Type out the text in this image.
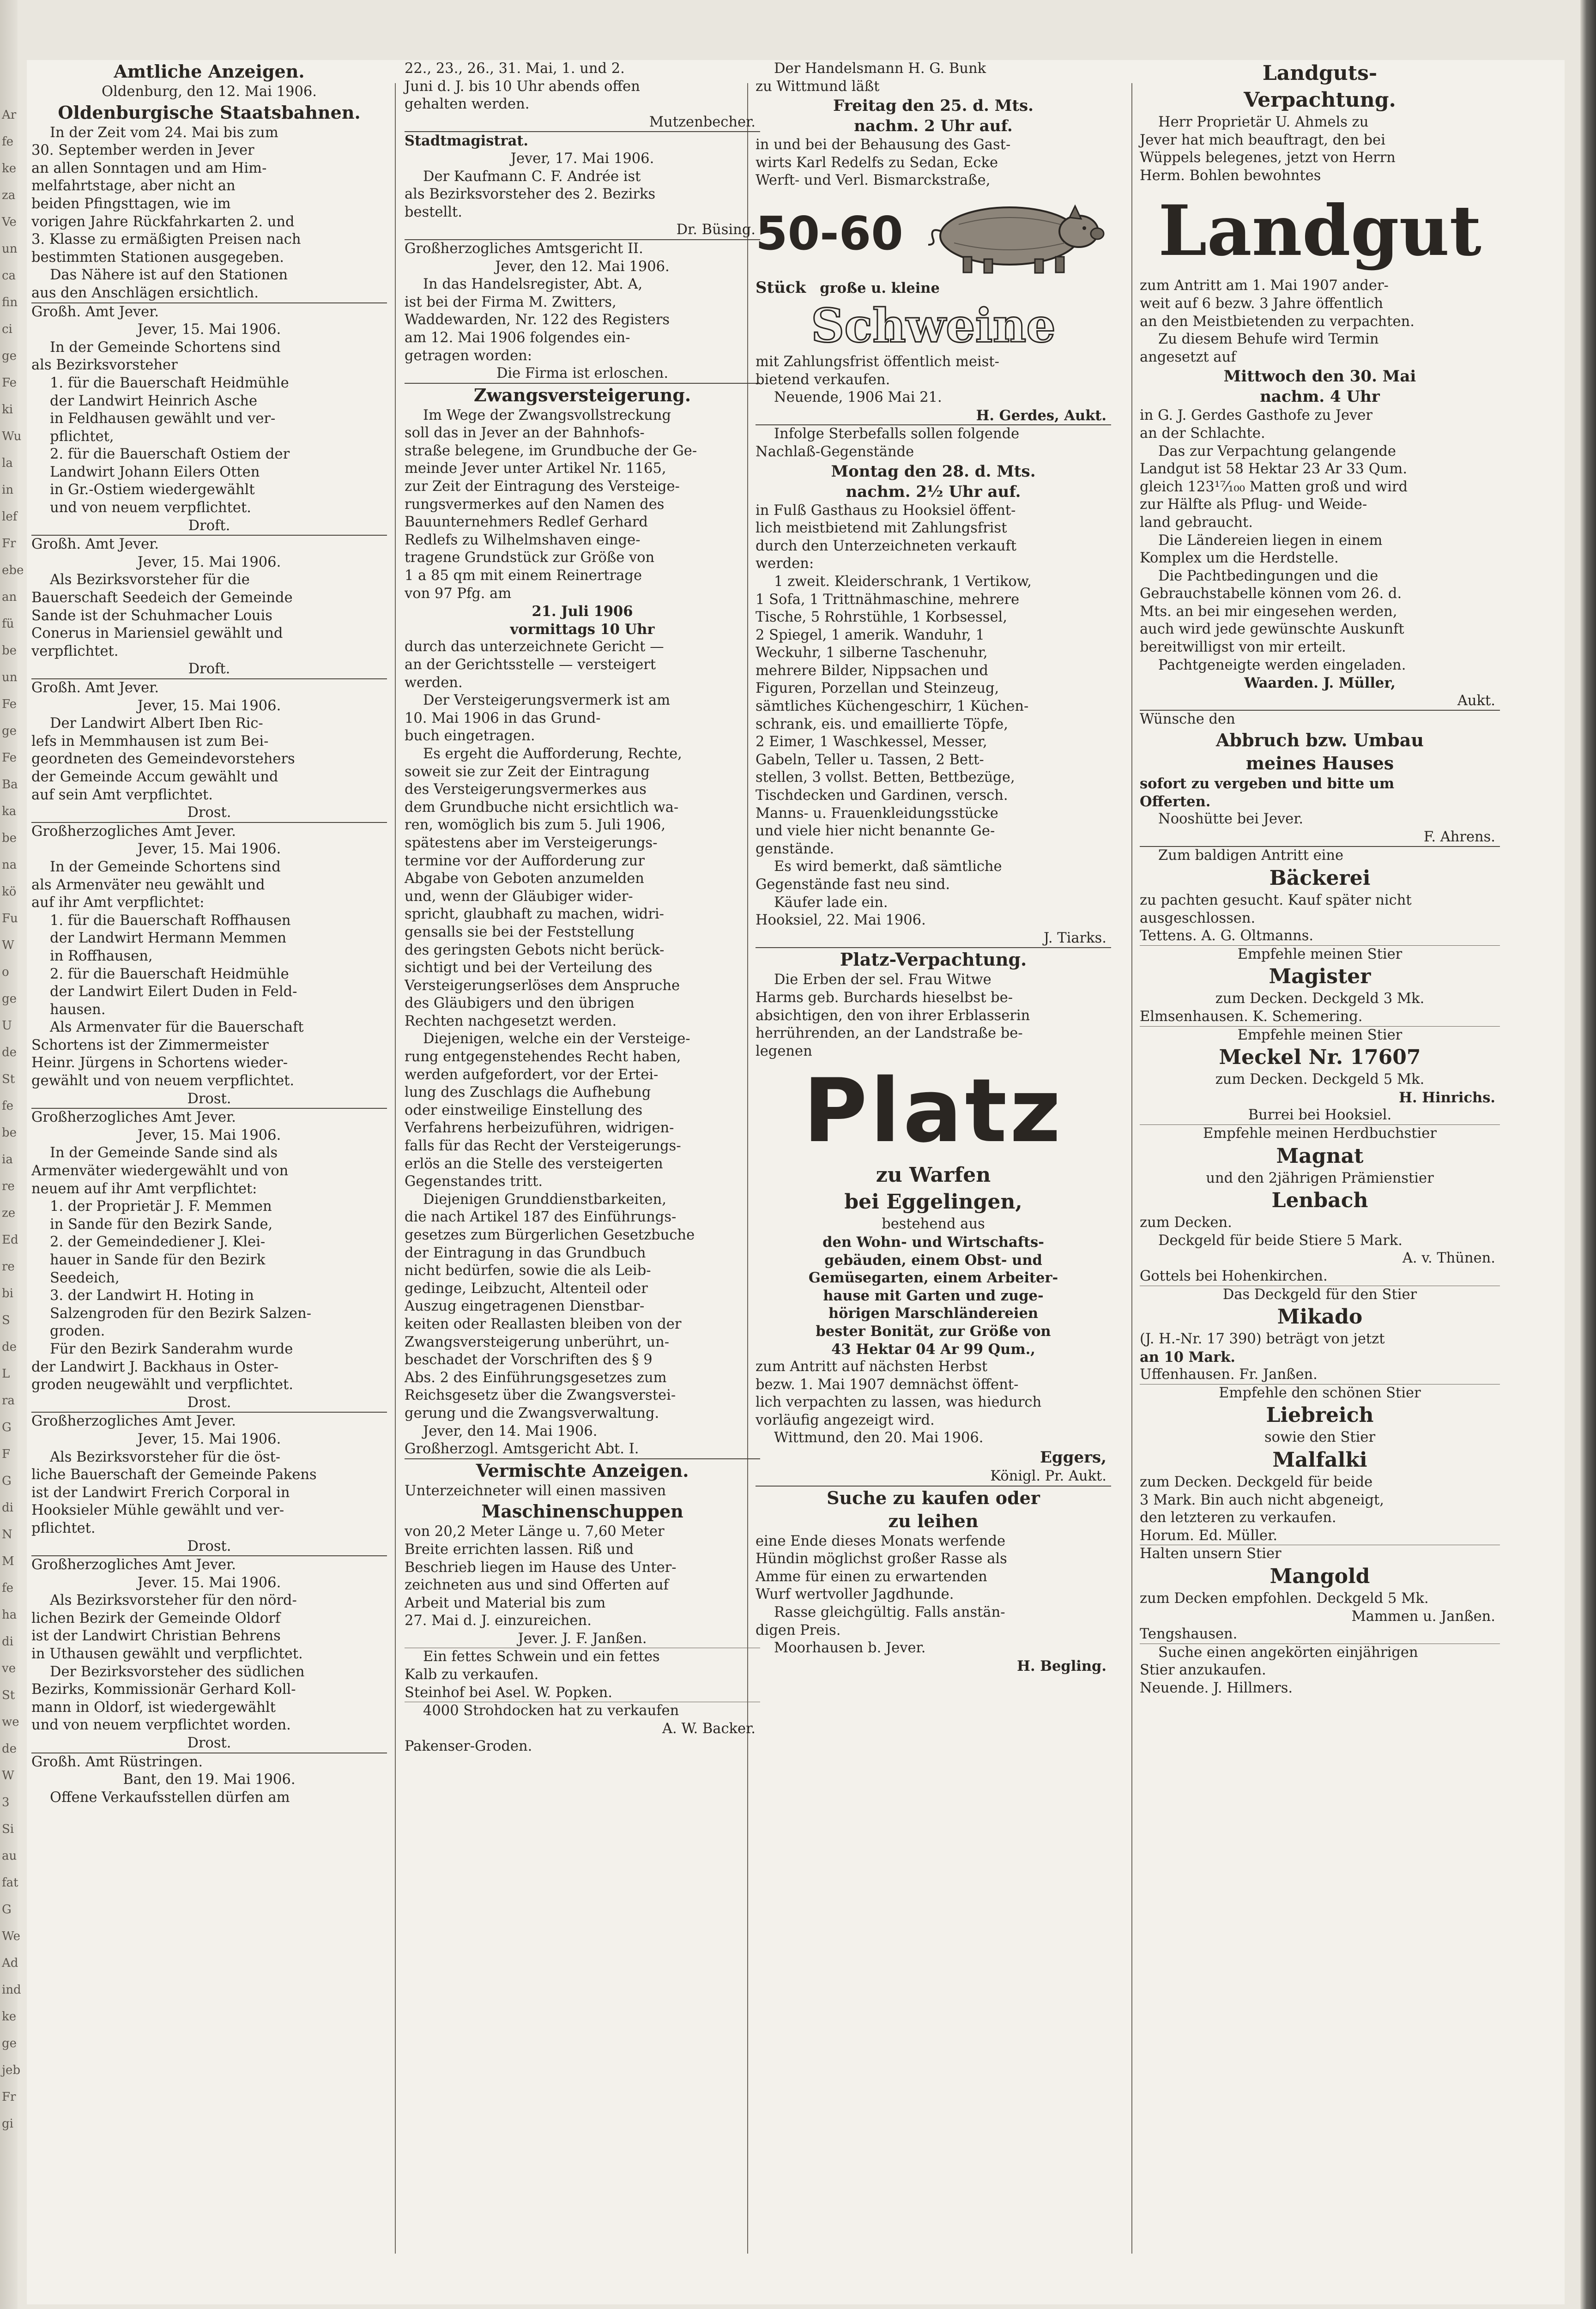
Ar
fe
ke
za
Ve
un
ca
fin
ci
ge
Fe
ki
Wu
la
in
lef
Fr
ebe
an
fü
be
un
Fe
ge
Fe
Ba
ka
be
na
kö
Fu
W
o
ge
U
de
St
fe
be
ia
re
ze
Ed
re
bi
S
de
L
ra
G
F
G
di
N
M
fe
ha
di
ve
St
we
de
W
3
Si
au
fat
G
We
Ad
ind
ke
ge
jeb
Fr
gi

Amtliche Anzeigen.

Oldenburg, den 12. Mai 1906.

Oldenburgische Staatsbahnen.

In der Zeit vom 24. Mai bis zum

30. September werden in Jever

an allen Sonntagen und am Him-

melfahrtstage, aber nicht an

beiden Pfingsttagen, wie im

vorigen Jahre Rückfahrkarten 2. und

3. Klasse zu ermäßigten Preisen nach

bestimmten Stationen ausgegeben.

Das Nähere ist auf den Stationen

aus den Anschlägen ersichtlich.

Großh. Amt Jever.

Jever, 15. Mai 1906.

In der Gemeinde Schortens sind

als Bezirksvorsteher

1. für die Bauerschaft Heidmühle

der Landwirt Heinrich Asche

in Feldhausen gewählt und ver-

pflichtet,

2. für die Bauerschaft Ostiem der

Landwirt Johann Eilers Otten

in Gr.-Ostiem wiedergewählt

und von neuem verpflichtet.

Droft.

Großh. Amt Jever.

Jever, 15. Mai 1906.

Als Bezirksvorsteher für die

Bauerschaft Seedeich der Gemeinde

Sande ist der Schuhmacher Louis

Conerus in Mariensiel gewählt und

verpflichtet.

Droft.

Großh. Amt Jever.

Jever, 15. Mai 1906.

Der Landwirt Albert Iben Ric-

lefs in Memmhausen ist zum Bei-

geordneten des Gemeindevorstehers

der Gemeinde Accum gewählt und

auf sein Amt verpflichtet.

Drost.

Großherzogliches Amt Jever.

Jever, 15. Mai 1906.

In der Gemeinde Schortens sind

als Armenväter neu gewählt und

auf ihr Amt verpflichtet:

1. für die Bauerschaft Roffhausen

der Landwirt Hermann Memmen

in Roffhausen,

2. für die Bauerschaft Heidmühle

der Landwirt Eilert Duden in Feld-

hausen.

Als Armenvater für die Bauerschaft

Schortens ist der Zimmermeister

Heinr. Jürgens in Schortens wieder-

gewählt und von neuem verpflichtet.

Drost.

Großherzogliches Amt Jever.

Jever, 15. Mai 1906.

In der Gemeinde Sande sind als

Armenväter wiedergewählt und von

neuem auf ihr Amt verpflichtet:

1. der Proprietär J. F. Memmen

in Sande für den Bezirk Sande,

2. der Gemeindediener J. Klei-

hauer in Sande für den Bezirk

Seedeich,

3. der Landwirt H. Hoting in

Salzengroden für den Bezirk Salzen-

groden.

Für den Bezirk Sanderahm wurde

der Landwirt J. Backhaus in Oster-

groden neugewählt und verpflichtet.

Drost.

Großherzogliches Amt Jever.

Jever, 15. Mai 1906.

Als Bezirksvorsteher für die öst-

liche Bauerschaft der Gemeinde Pakens

ist der Landwirt Frerich Corporal in

Hooksieler Mühle gewählt und ver-

pflichtet.

Drost.

Großherzogliches Amt Jever.

Jever. 15. Mai 1906.

Als Bezirksvorsteher für den nörd-

lichen Bezirk der Gemeinde Oldorf

ist der Landwirt Christian Behrens

in Uthausen gewählt und verpflichtet.

Der Bezirksvorsteher des südlichen

Bezirks, Kommissionär Gerhard Koll-

mann in Oldorf, ist wiedergewählt

und von neuem verpflichtet worden.

Drost.

Großh. Amt Rüstringen.

Bant, den 19. Mai 1906.

Offene Verkaufsstellen dürfen am

22., 23., 26., 31. Mai, 1. und 2.

Juni d. J. bis 10 Uhr abends offen

gehalten werden.

Mutzenbecher.

Stadtmagistrat.

Jever, 17. Mai 1906.

Der Kaufmann C. F. Andrée ist

als Bezirksvorsteher des 2. Bezirks

bestellt.

Dr. Büsing.

Großherzogliches Amtsgericht II.

Jever, den 12. Mai 1906.

In das Handelsregister, Abt. A,

ist bei der Firma M. Zwitters,

Waddewarden, Nr. 122 des Registers

am 12. Mai 1906 folgendes ein-

getragen worden:

Die Firma ist erloschen.

Zwangsversteigerung.

Im Wege der Zwangsvollstreckung

soll das in Jever an der Bahnhofs-

straße belegene, im Grundbuche der Ge-

meinde Jever unter Artikel Nr. 1165,

zur Zeit der Eintragung des Versteige-

rungsvermerkes auf den Namen des

Bauunternehmers Redlef Gerhard

Redlefs zu Wilhelmshaven einge-

tragene Grundstück zur Größe von

1 a 85 qm mit einem Reinertrage

von 97 Pfg. am

21. Juli 1906

vormittags 10 Uhr

durch das unterzeichnete Gericht —

an der Gerichtsstelle — versteigert

werden.

Der Versteigerungsvermerk ist am

10. Mai 1906 in das Grund-

buch eingetragen.

Es ergeht die Aufforderung, Rechte,

soweit sie zur Zeit der Eintragung

des Versteigerungsvermerkes aus

dem Grundbuche nicht ersichtlich wa-

ren, womöglich bis zum 5. Juli 1906,

spätestens aber im Versteigerungs-

termine vor der Aufforderung zur

Abgabe von Geboten anzumelden

und, wenn der Gläubiger wider-

spricht, glaubhaft zu machen, widri-

gensalls sie bei der Feststellung

des geringsten Gebots nicht berück-

sichtigt und bei der Verteilung des

Versteigerungserlöses dem Anspruche

des Gläubigers und den übrigen

Rechten nachgesetzt werden.

Diejenigen, welche ein der Versteige-

rung entgegenstehendes Recht haben,

werden aufgefordert, vor der Ertei-

lung des Zuschlags die Aufhebung

oder einstweilige Einstellung des

Verfahrens herbeizuführen, widrigen-

falls für das Recht der Versteigerungs-

erlös an die Stelle des versteigerten

Gegenstandes tritt.

Diejenigen Grunddienstbarkeiten,

die nach Artikel 187 des Einführungs-

gesetzes zum Bürgerlichen Gesetzbuche

der Eintragung in das Grundbuch

nicht bedürfen, sowie die als Leib-

gedinge, Leibzucht, Altenteil oder

Auszug eingetragenen Dienstbar-

keiten oder Reallasten bleiben von der

Zwangsversteigerung unberührt, un-

beschadet der Vorschriften des § 9

Abs. 2 des Einführungsgesetzes zum

Reichsgesetz über die Zwangsverstei-

gerung und die Zwangsverwaltung.

Jever, den 14. Mai 1906.

Großherzogl. Amtsgericht Abt. I.

Vermischte Anzeigen.

Unterzeichneter will einen massiven

Maschinenschuppen

von 20,2 Meter Länge u. 7,60 Meter

Breite errichten lassen. Riß und

Beschrieb liegen im Hause des Unter-

zeichneten aus und sind Offerten auf

Arbeit und Material bis zum

27. Mai d. J. einzureichen.

Jever. J. F. Janßen.

Ein fettes Schwein und ein fettes

Kalb zu verkaufen.

Steinhof bei Asel. W. Popken.

4000 Strohdocken hat zu verkaufen

A. W. Backer.

Pakenser-Groden.

Der Handelsmann H. G. Bunk

zu Wittmund läßt

Freitag den 25. d. Mts.

nachm. 2 Uhr auf.

in und bei der Behausung des Gast-

wirts Karl Redelfs zu Sedan, Ecke

Werft- und Verl. Bismarckstraße,

50-60
Stück große u. kleine
Schweine

mit Zahlungsfrist öffentlich meist-

bietend verkaufen.

Neuende, 1906 Mai 21.

H. Gerdes, Aukt.

Infolge Sterbefalls sollen folgende

Nachlaß-Gegenstände

Montag den 28. d. Mts.

nachm. 2½ Uhr auf.

in Fulß Gasthaus zu Hooksiel öffent-

lich meistbietend mit Zahlungsfrist

durch den Unterzeichneten verkauft

werden:

1 zweit. Kleiderschrank, 1 Vertikow,

1 Sofa, 1 Trittnähmaschine, mehrere

Tische, 5 Rohrstühle, 1 Korbsessel,

2 Spiegel, 1 amerik. Wanduhr, 1

Weckuhr, 1 silberne Taschenuhr,

mehrere Bilder, Nippsachen und

Figuren, Porzellan und Steinzeug,

sämtliches Küchengeschirr, 1 Küchen-

schrank, eis. und emaillierte Töpfe,

2 Eimer, 1 Waschkessel, Messer,

Gabeln, Teller u. Tassen, 2 Bett-

stellen, 3 vollst. Betten, Bettbezüge,

Tischdecken und Gardinen, versch.

Manns- u. Frauenkleidungsstücke

und viele hier nicht benannte Ge-

genstände.

Es wird bemerkt, daß sämtliche

Gegenstände fast neu sind.

Käufer lade ein.

Hooksiel, 22. Mai 1906.

J. Tiarks.

Platz-Verpachtung.

Die Erben der sel. Frau Witwe

Harms geb. Burchards hieselbst be-

absichtigen, den von ihrer Erblasserin

herrührenden, an der Landstraße be-

legenen

Platz

zu Warfen

bei Eggelingen,

bestehend aus

den Wohn- und Wirtschafts-

gebäuden, einem Obst- und

Gemüsegarten, einem Arbeiter-

hause mit Garten und zuge-

hörigen Marschländereien

bester Bonität, zur Größe von

43 Hektar 04 Ar 99 Qum.,

zum Antritt auf nächsten Herbst

bezw. 1. Mai 1907 demnächst öffent-

lich verpachten zu lassen, was hiedurch

vorläufig angezeigt wird.

Wittmund, den 20. Mai 1906.

Eggers,

Königl. Pr. Aukt.

Suche zu kaufen oder

zu leihen

eine Ende dieses Monats werfende

Hündin möglichst großer Rasse als

Amme für einen zu erwartenden

Wurf wertvoller Jagdhunde.

Rasse gleichgültig. Falls anstän-

digen Preis.

Moorhausen b. Jever.

H. Begling.

Landguts-

Verpachtung.

Herr Proprietär U. Ahmels zu

Jever hat mich beauftragt, den bei

Wüppels belegenes, jetzt von Herrn

Herm. Bohlen bewohntes

Landgut

zum Antritt am 1. Mai 1907 ander-

weit auf 6 bezw. 3 Jahre öffentlich

an den Meistbietenden zu verpachten.

Zu diesem Behufe wird Termin

angesetzt auf

Mittwoch den 30. Mai

nachm. 4 Uhr

in G. J. Gerdes Gasthofe zu Jever

an der Schlachte.

Das zur Verpachtung gelangende

Landgut ist 58 Hektar 23 Ar 33 Qum.

gleich 123¹⁷⁄₁₀₀ Matten groß und wird

zur Hälfte als Pflug- und Weide-

land gebraucht.

Die Ländereien liegen in einem

Komplex um die Herdstelle.

Die Pachtbedingungen und die

Gebrauchstabelle können vom 26. d.

Mts. an bei mir eingesehen werden,

auch wird jede gewünschte Auskunft

bereitwilligst von mir erteilt.

Pachtgeneigte werden eingeladen.

Waarden. J. Müller,

Aukt.

Wünsche den

Abbruch bzw. Umbau

meines Hauses

sofort zu vergeben und bitte um

Offerten.

Nooshütte bei Jever.

F. Ahrens.

Zum baldigen Antritt eine

Bäckerei

zu pachten gesucht. Kauf später nicht

ausgeschlossen.

Tettens. A. G. Oltmanns.

Empfehle meinen Stier

Magister

zum Decken. Deckgeld 3 Mk.

Elmsenhausen. K. Schemering.

Empfehle meinen Stier

Meckel Nr. 17607

zum Decken. Deckgeld 5 Mk.

H. Hinrichs.

Burrei bei Hooksiel.

Empfehle meinen Herdbuchstier

Magnat

und den 2jährigen Prämienstier

Lenbach

zum Decken.

Deckgeld für beide Stiere 5 Mark.

A. v. Thünen.

Gottels bei Hohenkirchen.

Das Deckgeld für den Stier

Mikado

(J. H.-Nr. 17 390) beträgt von jetzt

an 10 Mark.

Uffenhausen. Fr. Janßen.

Empfehle den schönen Stier

Liebreich

sowie den Stier

Malfalki

zum Decken. Deckgeld für beide

3 Mark. Bin auch nicht abgeneigt,

den letzteren zu verkaufen.

Horum. Ed. Müller.

Halten unsern Stier

Mangold

zum Decken empfohlen. Deckgeld 5 Mk.

Mammen u. Janßen.

Tengshausen.

Suche einen angekörten einjährigen

Stier anzukaufen.

Neuende. J. Hillmers.
